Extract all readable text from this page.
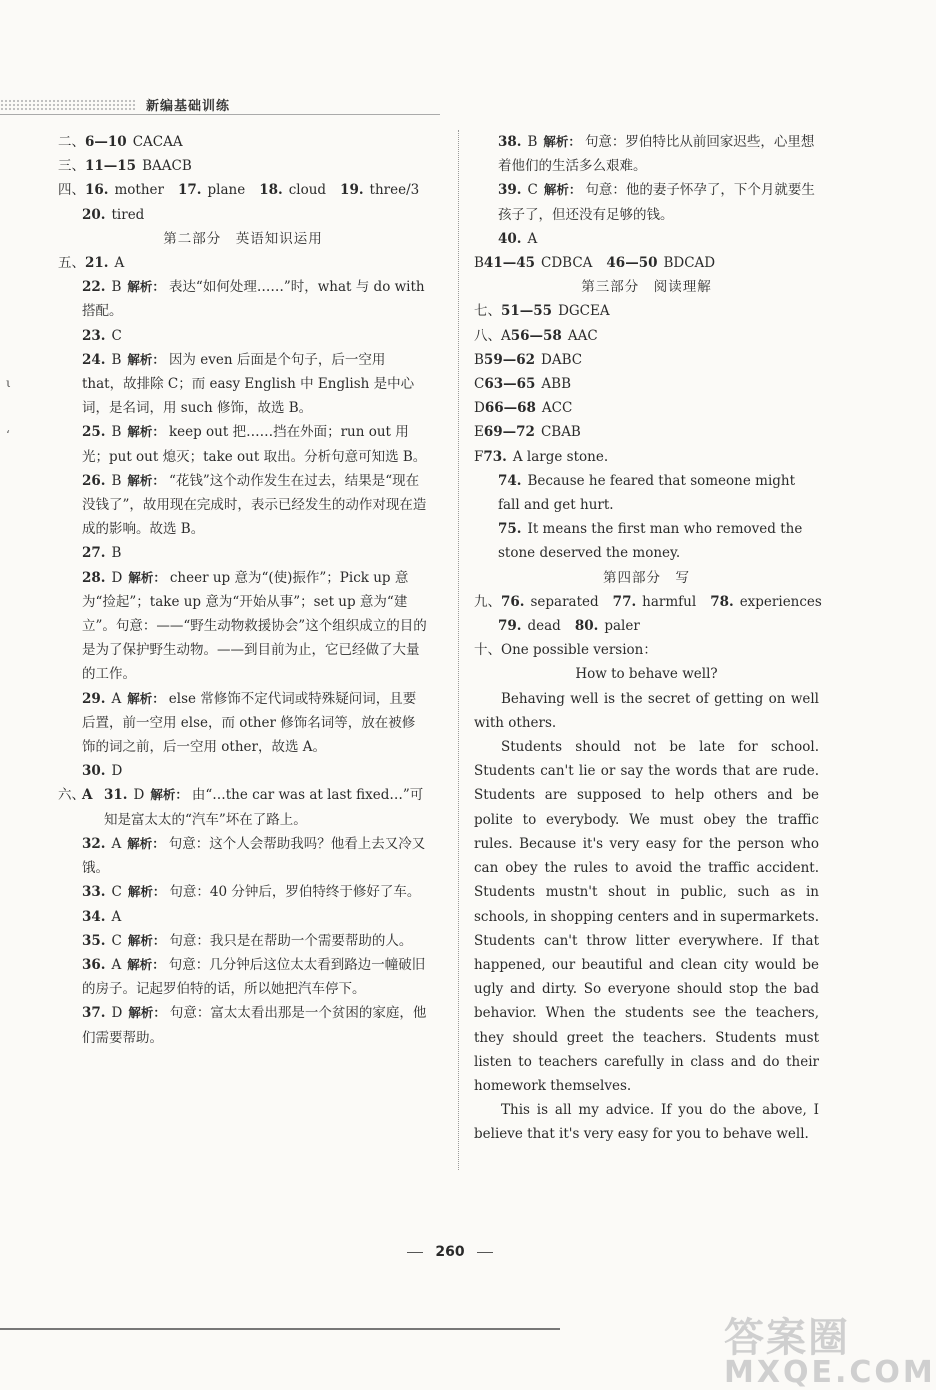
新编基础训练
ι
ʻ
二、 6—10 CACAA
三、 11—15 BAACB
四、 16. mother 17. plane 18. cloud 19. three/3
20. tired
第二部分　英语知识运用
五、 21. A
22. B 解析： 表达“如何处理……”时，what 与 do with 搭配。
23. C
24. B 解析： 因为 even 后面是个句子，后一空用 that，故排除 C；而 easy English 中 English 是中心词，是名词，用 such 修饰，故选 B。
25. B 解析： keep out 把……挡在外面；run out 用光；put out 熄灭；take out 取出。分析句意可知选 B。
26. B 解析： “花钱”这个动作发生在过去，结果是“现在没钱了”，故用现在完成时，表示已经发生的动作对现在造成的影响。故选 B。
27. B
28. D 解析： cheer up 意为“(使)振作”；Pick up 意为“捡起”；take up 意为“开始从事”；set up 意为“建立”。句意：——“野生动物救援协会”这个组织成立的目的是为了保护野生动物。——到目前为止，它已经做了大量的工作。
29. A 解析： else 常修饰不定代词或特殊疑问词，且要后置，前一空用 else，而 other 修饰名词等，放在被修饰的词之前，后一空用 other，故选 A。
30. D
六、A 31. D 解析： 由“…the car was at last fixed…”可知是富太太的“汽车”坏在了路上。
32. A 解析： 句意：这个人会帮助我吗？他看上去又冷又饿。
33. C 解析： 句意：40 分钟后，罗伯特终于修好了车。
34. A
35. C 解析： 句意：我只是在帮助一个需要帮助的人。
36. A 解析： 句意：几分钟后这位太太看到路边一幢破旧的房子。记起罗伯特的话，所以她把汽车停下。
37. D 解析： 句意：富太太看出那是一个贫困的家庭，他们需要帮助。
38. B 解析： 句意：罗伯特比从前回家迟些，心里想着他们的生活多么艰难。
39. C 解析： 句意：他的妻子怀孕了，下个月就要生孩子了，但还没有足够的钱。
40. A
B 41—45 CDBCA 46—50 BDCAD
第三部分　阅读理解
七、 51—55 DGCEA
八、A 56—58 AAC
B 59—62 DABC
C 63—65 ABB
D 66—68 ACC
E 69—72 CBAB
F 73. A large stone.
74. Because he feared that someone might fall and get hurt.
75. It means the first man who removed the stone deserved the money.
第四部分　写
九、 76. separated 77. harmful 78. experiences
79. dead 80. paler
十、One possible version：
How to behave well?

Behaving well is the secret of getting on well with others.

Students should not be late for school. Students can't lie or say the words that are rude. Students are supposed to help others and be polite to everybody. We must obey the traffic rules. Because it's very easy for the person who can obey the rules to avoid the traffic accident. Students mustn't shout in public, such as in schools, in shopping centers and in supermarkets. Students can't throw litter everywhere. If that happened, our beautiful and clean city would be ugly and dirty. So everyone should stop the bad behavior. When the students see the teachers, they should greet the teachers. Students must listen to teachers carefully in class and do their homework themselves.

This is all my advice. If you do the above, I believe that it's very easy for you to behave well.

260
答案圈
MXQE.COM
